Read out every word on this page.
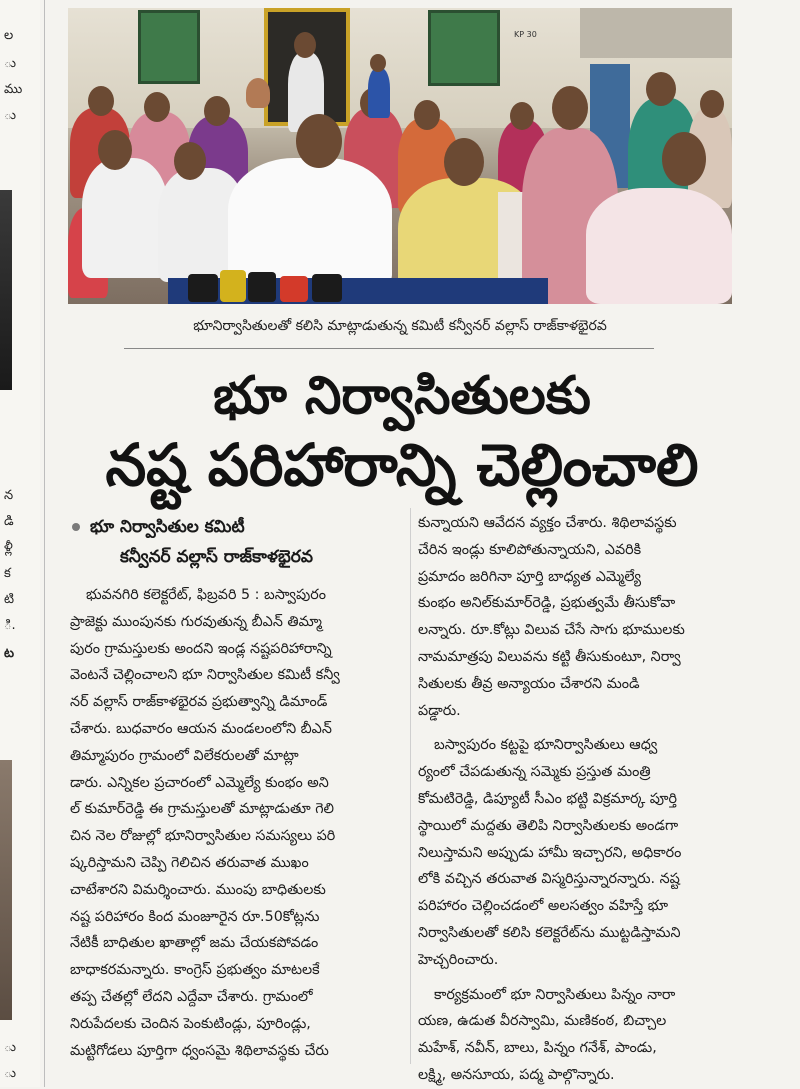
ల
ు
ము
ు
న
డి
ళ్లీ
క
టి
ి.
ట
ు
ు
KP 30
భూనిర్వాసితులతో కలిసి మాట్లాడుతున్న కమిటీ కన్వీనర్ వల్లాస్ రాజ్‌కాళభైరవ
భూ నిర్వాసితులకు
నష్ట పరిహారాన్ని చెల్లించాలి
భూ నిర్వాసితుల కమిటీ
కన్వీనర్ వల్లాస్ రాజ్‌కాళభైరవ
భువనగిరి కలెక్టరేట్, ఫిబ్రవరి 5 : బస్వాపురం
ప్రాజెక్టు ముంపునకు గురవుతున్న బీఎన్ తిమ్మా
పురం గ్రామస్తులకు అందని ఇండ్ల నష్టపరిహారాన్ని
వెంటనే చెల్లించాలని భూ నిర్వాసితుల కమిటీ కన్వీ
నర్ వల్లాస్ రాజ్‌కాళభైరవ ప్రభుత్వాన్ని డిమాండ్
చేశారు. బుధవారం ఆయన మండలంలోని బీఎన్
తిమ్మాపురం గ్రామంలో విలేకరులతో మాట్లా
డారు. ఎన్నికల ప్రచారంలో ఎమ్మెల్యే కుంభం అని
ల్ కుమార్‌రెడ్డి ఈ గ్రామస్తులతో మాట్లాడుతూ గెలి
చిన నెల రోజుల్లో భూనిర్వాసితుల సమస్యలు పరి
ష్కరిస్తామని చెప్పి గెలిచిన తరువాత ముఖం
చాటేశారని విమర్శించారు. ముంపు బాధితులకు
నష్ట పరిహారం కింద మంజూరైన రూ.50కోట్లను
నేటికీ బాధితుల ఖాతాల్లో జమ చేయకపోవడం
బాధాకరమన్నారు. కాంగ్రెస్ ప్రభుత్వం మాటలకే
తప్ప చేతల్లో లేదని ఎద్దేవా చేశారు. గ్రామంలో
నిరుపేదలకు చెందిన పెంకుటిండ్లు, పూరిండ్లు,
మట్టిగోడలు పూర్తిగా ధ్వంసమై శిథిలావస్థకు చేరు
కున్నాయని ఆవేదన వ్యక్తం చేశారు. శిథిలావస్థకు
చేరిన ఇండ్లు కూలిపోతున్నాయని, ఎవరికి
ప్రమాదం జరిగినా పూర్తి బాధ్యత ఎమ్మెల్యే
కుంభం అనిల్‌కుమార్‌రెడ్డి, ప్రభుత్వమే తీసుకోవా
లన్నారు. రూ.కోట్లు విలువ చేసే సాగు భూములకు
నామమాత్రపు విలువను కట్టి తీసుకుంటూ, నిర్వా
సితులకు తీవ్ర అన్యాయం చేశారని మండి
పడ్డారు.
బస్వాపురం కట్టపై భూనిర్వాసితులు ఆధ్వ
ర్యంలో చేపడుతున్న సమ్మెకు ప్రస్తుత మంత్రి
కోమటిరెడ్డి, డిప్యూటీ సీఎం భట్టి విక్రమార్క పూర్తి
స్థాయిలో మద్దతు తెలిపి నిర్వాసితులకు అండగా
నిలుస్తామని అప్పుడు హామీ ఇచ్చారని, అధికారం
లోకి వచ్చిన తరువాత విస్మరిస్తున్నారన్నారు. నష్ట
పరిహారం చెల్లించడంలో అలసత్వం వహిస్తే భూ
నిర్వాసితులతో కలిసి కలెక్టరేట్‌ను ముట్టడిస్తామని
హెచ్చరించారు.
కార్యక్రమంలో భూ నిర్వాసితులు పిన్నం నారా
యణ, ఉడుత వీరస్వామి, మణికంఠ, బిచ్చాల
మహేశ్, నవీన్, బాలు, పిన్నం గనేశ్, పాండు,
లక్ష్మి, అనసూయ, పద్మ పాల్గొన్నారు.
